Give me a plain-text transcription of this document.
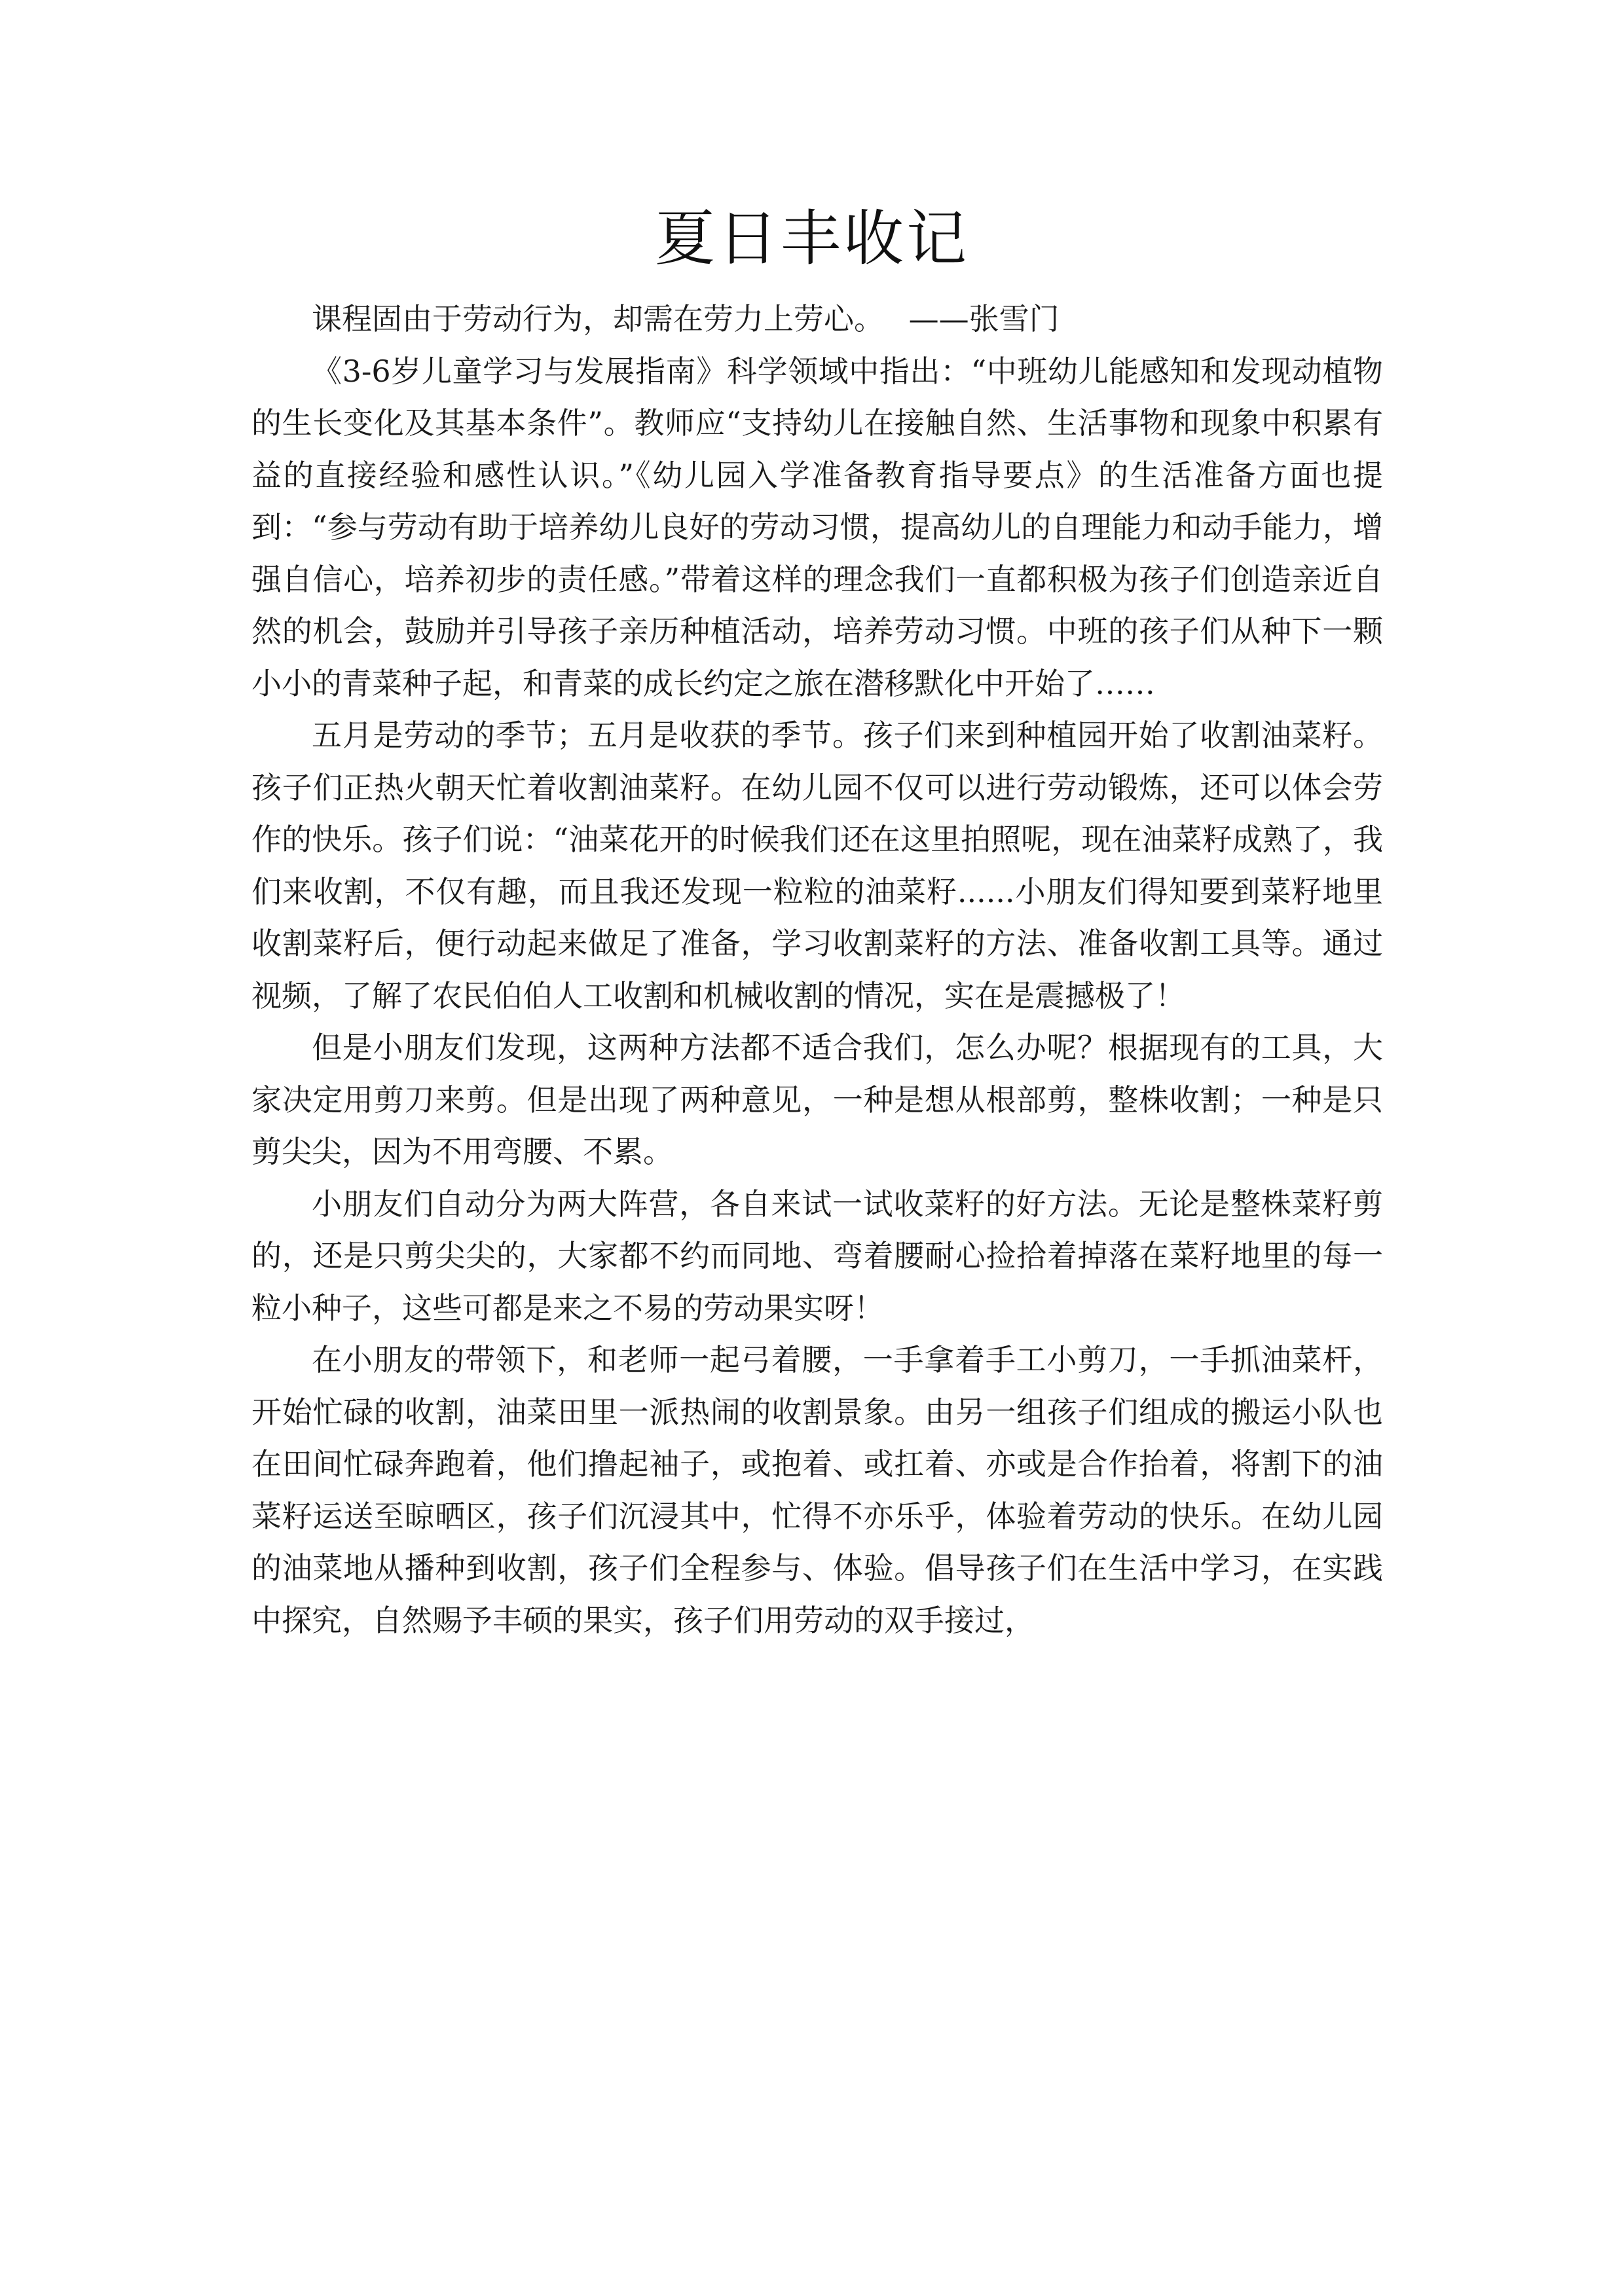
夏日丰收记

课程固由于劳动行为，却需在劳力上劳心。　 ——张雪门

《3-6岁儿童学习与发展指南》科学领域中指出：“中班幼儿能感知和发现动植物的生长变化及其基本条件”。教师应“支持幼儿在接触自然、生活事物和现象中积累有益的直接经验和感性认识。”《幼儿园入学准备教育指导要点》的生活准备方面也提到：“参与劳动有助于培养幼儿良好的劳动习惯，提高幼儿的自理能力和动手能力，增强自信心，培养初步的责任感。”带着这样的理念我们一直都积极为孩子们创造亲近自然的机会，鼓励并引导孩子亲历种植活动，培养劳动习惯。中班的孩子们从种下一颗小小的青菜种子起，和青菜的成长约定之旅在潜移默化中开始了……

五月是劳动的季节；五月是收获的季节。孩子们来到种植园开始了收割油菜籽。孩子们正热火朝天忙着收割油菜籽。在幼儿园不仅可以进行劳动锻炼，还可以体会劳作的快乐。孩子们说：“油菜花开的时候我们还在这里拍照呢，现在油菜籽成熟了，我们来收割，不仅有趣，而且我还发现一粒粒的油菜籽......小朋友们得知要到菜籽地里收割菜籽后，便行动起来做足了准备，学习收割菜籽的方法、准备收割工具等。通过视频，了解了农民伯伯人工收割和机械收割的情况，实在是震撼极了！

但是小朋友们发现，这两种方法都不适合我们，怎么办呢？根据现有的工具，大家决定用剪刀来剪。但是出现了两种意见，一种是想从根部剪，整株收割；一种是只剪尖尖，因为不用弯腰、不累。

小朋友们自动分为两大阵营，各自来试一试收菜籽的好方法。无论是整株菜籽剪的，还是只剪尖尖的，大家都不约而同地、弯着腰耐心捡拾着掉落在菜籽地里的每一粒小种子，这些可都是来之不易的劳动果实呀！

在小朋友的带领下，和老师一起弓着腰，一手拿着手工小剪刀，一手抓油菜杆，开始忙碌的收割，油菜田里一派热闹的收割景象。由另一组孩子们组成的搬运小队也在田间忙碌奔跑着，他们撸起袖子，或抱着、或扛着、亦或是合作抬着，将割下的油菜籽运送至晾晒区，孩子们沉浸其中，忙得不亦乐乎，体验着劳动的快乐。在幼儿园的油菜地从播种到收割，孩子们全程参与、体验。倡导孩子们在生活中学习，在实践中探究，自然赐予丰硕的果实，孩子们用劳动的双手接过，
